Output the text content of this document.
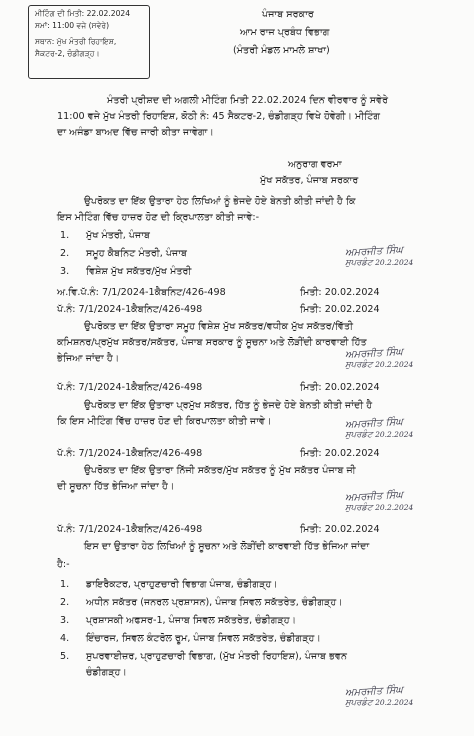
ਮੀਟਿੰਗ ਦੀ ਮਿਤੀ: 22.02.2024
ਸਮਾਂ: 11:00 ਵਜੇ (ਸਵੇਰੇ)
ਸਥਾਨ: ਮੁੱਖ ਮੰਤਰੀ ਰਿਹਾਇਸ਼,
ਸੈਕਟਰ-2, ਚੰਡੀਗੜ੍ਹ।
ਪੰਜਾਬ ਸਰਕਾਰ
ਆਮ ਰਾਜ ਪ੍ਰਬੰਧ ਵਿਭਾਗ
(ਮੰਤਰੀ ਮੰਡਲ ਮਾਮਲੇ ਸ਼ਾਖਾ)
ਮੰਤਰੀ ਪ੍ਰੀਸ਼ਦ ਦੀ ਅਗਲੀ ਮੀਟਿੰਗ ਮਿਤੀ 22.02.2024 ਦਿਨ ਵੀਰਵਾਰ ਨੂੰ ਸਵੇਰੇ
11:00 ਵਜੇ ਮੁੱਖ ਮੰਤਰੀ ਰਿਹਾਇਸ਼, ਕੋਠੀ ਨੰ: 45 ਸੈਕਟਰ-2, ਚੰਡੀਗੜ੍ਹ ਵਿਖੇ ਹੋਵੇਗੀ। ਮੀਟਿੰਗ
ਦਾ ਅਜੰਡਾ ਬਾਅਦ ਵਿੱਚ ਜਾਰੀ ਕੀਤਾ ਜਾਵੇਗਾ।
ਅਨੁਰਾਗ ਵਰਮਾ
ਮੁੱਖ ਸਕੱਤਰ, ਪੰਜਾਬ ਸਰਕਾਰ
ਉਪਰੋਕਤ ਦਾ ਇੱਕ ਉਤਾਰਾ ਹੇਠ ਲਿਖਿਆਂ ਨੂੰ ਭੇਜਦੇ ਹੋਏ ਬੇਨਤੀ ਕੀਤੀ ਜਾਂਦੀ ਹੈ ਕਿ
ਇਸ ਮੀਟਿੰਗ ਵਿੱਚ ਹਾਜ਼ਰ ਹੋਣ ਦੀ ਕ੍ਰਿਪਾਲਤਾ ਕੀਤੀ ਜਾਵੇ:-
1. ਮੁੱਖ ਮੰਤਰੀ, ਪੰਜਾਬ
2. ਸਮੂਹ ਕੈਬਨਿਟ ਮੰਤਰੀ, ਪੰਜਾਬ
3. ਵਿਸ਼ੇਸ਼ ਮੁੱਖ ਸਕੱਤਰ/ਮੁੱਖ ਮੰਤਰੀ
ਅਮਰਜੀਤ ਸਿੰਘ
ਸੁਪਰਡੰਟ 20.2.2024
ਅ.ਵਿ.ਪੱ.ਨੰ: 7/1/2024-1ਕੈਬਨਿਟ/426-498	ਮਿਤੀ: 20.02.2024
ਪੱ.ਨੰ: 7/1/2024-1ਕੈਬਨਿਟ/426-498	ਮਿਤੀ: 20.02.2024
ਉਪਰੋਕਤ ਦਾ ਇੱਕ ਉਤਾਰਾ ਸਮੂਹ ਵਿਸ਼ੇਸ਼ ਮੁੱਖ ਸਕੱਤਰ/ਵਧੀਕ ਮੁੱਖ ਸਕੱਤਰ/ਵਿੱਤੀ
ਕਮਿਸ਼ਨਰ/ਪ੍ਰਮੁੱਖ ਸਕੱਤਰ/ਸਕੱਤਰ, ਪੰਜਾਬ ਸਰਕਾਰ ਨੂੰ ਸੂਚਨਾ ਅਤੇ ਲੋੜੀਂਦੀ ਕਾਰਵਾਈ ਹਿੱਤ
ਭੇਜਿਆ ਜਾਂਦਾ ਹੈ।	ਅਮਰਜੀਤ ਸਿੰਘ
ਸੁਪਰਡੰਟ 20.2.2024
ਪੱ.ਨੰ: 7/1/2024-1ਕੈਬਨਿਟ/426-498	ਮਿਤੀ: 20.02.2024
ਉਪਰੋਕਤ ਦਾ ਇੱਕ ਉਤਾਰਾ ਪ੍ਰਮੁੱਖ ਸਕੱਤਰ, ਹਿੱਤ ਨੂੰ ਭੇਜਦੇ ਹੋਏ ਬੇਨਤੀ ਕੀਤੀ ਜਾਂਦੀ ਹੈ
ਕਿ ਇਸ ਮੀਟਿੰਗ ਵਿੱਚ ਹਾਜ਼ਰ ਹੋਣ ਦੀ ਕਿਰਪਾਲਤਾ ਕੀਤੀ ਜਾਵੇ।	ਅਮਰਜੀਤ ਸਿੰਘ
ਸੁਪਰਡੰਟ 20.2.2024
ਪੱ.ਨੰ: 7/1/2024-1ਕੈਬਨਿਟ/426-498	ਮਿਤੀ: 20.02.2024
ਉਪਰੋਕਤ ਦਾ ਇੱਕ ਉਤਾਰਾ ਨਿੱਜੀ ਸਕੱਤਰ/ਮੁੱਖ ਸਕੱਤਰ ਨੂੰ ਮੁੱਖ ਸਕੱਤਰ ਪੰਜਾਬ ਜੀ
ਦੀ ਸੂਚਨਾ ਹਿੱਤ ਭੇਜਿਆ ਜਾਂਦਾ ਹੈ।
ਅਮਰਜੀਤ ਸਿੰਘ
ਸੁਪਰਡੰਟ 20.2.2024
ਪੱ.ਨੰ: 7/1/2024-1ਕੈਬਨਿਟ/426-498	ਮਿਤੀ: 20.02.2024
ਇਸ ਦਾ ਉਤਾਰਾ ਹੇਠ ਲਿਖਿਆਂ ਨੂੰ ਸੂਚਨਾ ਅਤੇ ਲੋੜੀਂਦੀ ਕਾਰਵਾਈ ਹਿੱਤ ਭੇਜਿਆ ਜਾਂਦਾ
ਹੈ:-
1. ਡਾਇਰੈਕਟਰ, ਪ੍ਰਾਹੁਣਚਾਰੀ ਵਿਭਾਗ ਪੰਜਾਬ, ਚੰਡੀਗੜ੍ਹ।
2. ਅਧੀਨ ਸਕੱਤਰ (ਜਨਰਲ ਪ੍ਰਸ਼ਾਸਨ), ਪੰਜਾਬ ਸਿਵਲ ਸਕੱਤਰੇਤ, ਚੰਡੀਗੜ੍ਹ।
3. ਪ੍ਰਸ਼ਾਸਕੀ ਅਫਸਰ-1, ਪੰਜਾਬ ਸਿਵਲ ਸਕੱਤਰੇਤ, ਚੰਡੀਗੜ੍ਹ।
4. ਇੰਚਾਰਜ, ਸਿਵਲ ਕੰਟਰੋਲ ਰੂਮ, ਪੰਜਾਬ ਸਿਵਲ ਸਕੱਤਰੇਤ, ਚੰਡੀਗੜ੍ਹ।
5. ਸੁਪਰਵਾਈਜ਼ਰ, ਪ੍ਰਾਹੁਣਚਾਰੀ ਵਿਭਾਗ, (ਮੁੱਖ ਮੰਤਰੀ ਰਿਹਾਇਸ਼), ਪੰਜਾਬ ਭਵਨ
ਚੰਡੀਗੜ੍ਹ।
ਅਮਰਜੀਤ ਸਿੰਘ
ਸੁਪਰਡੰਟ 20.2.2024
